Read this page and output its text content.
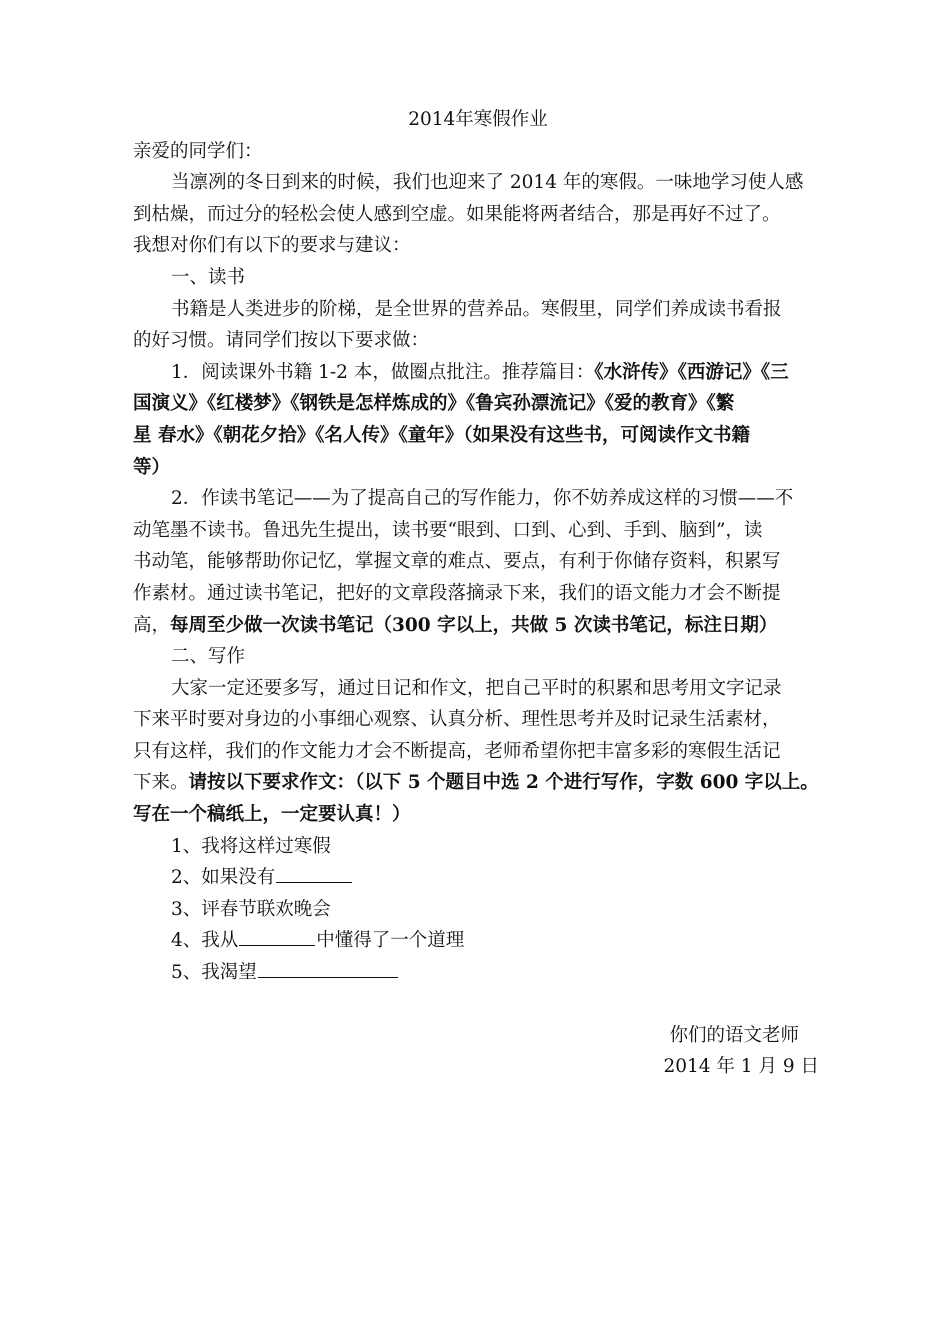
2014年寒假作业
亲爱的同学们：
当凛冽的冬日到来的时候，我们也迎来了 2014 年的寒假。一味地学习使人感
到枯燥，而过分的轻松会使人感到空虚。如果能将两者结合，那是再好不过了。
我想对你们有以下的要求与建议：
一、读书
书籍是人类进步的阶梯，是全世界的营养品。寒假里，同学们养成读书看报
的好习惯。请同学们按以下要求做：
1．阅读课外书籍 1-2 本，做圈点批注。推荐篇目：《水浒传》《西游记》《三
国演义》《红楼梦》《钢铁是怎样炼成的》《鲁宾孙漂流记》《爱的教育》《繁
星 春水》《朝花夕拾》《名人传》《童年》（如果没有这些书，可阅读作文书籍
等）
2．作读书笔记——为了提高自己的写作能力，你不妨养成这样的习惯——不
动笔墨不读书。鲁迅先生提出，读书要“眼到、口到、心到、手到、脑到”，读
书动笔，能够帮助你记忆，掌握文章的难点、要点，有利于你储存资料，积累写
作素材。通过读书笔记，把好的文章段落摘录下来，我们的语文能力才会不断提
高，每周至少做一次读书笔记（300 字以上，共做 5 次读书笔记，标注日期）
二、写作
大家一定还要多写，通过日记和作文，把自己平时的积累和思考用文字记录
下来平时要对身边的小事细心观察、认真分析、理性思考并及时记录生活素材，
只有这样，我们的作文能力才会不断提高，老师希望你把丰富多彩的寒假生活记
下来。请按以下要求作文：（以下 5 个题目中选 2 个进行写作，字数 600 字以上。
写在一个稿纸上，一定要认真！）
1、我将这样过寒假
2、如果没有
3、评春节联欢晚会
4、我从	中懂得了一个道理
5、我渴望
你们的语文老师
2014 年 1 月 9 日
